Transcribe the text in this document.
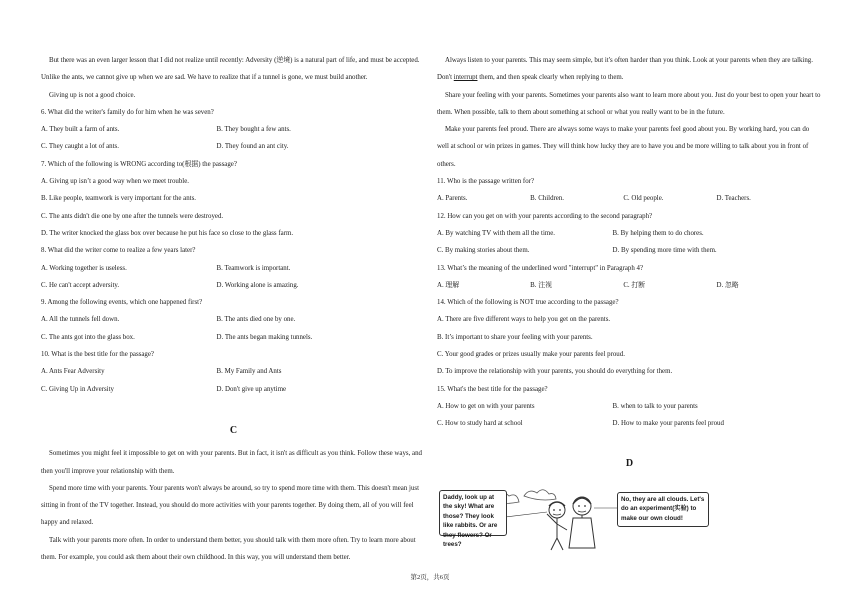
But there was an even larger lesson that I did not realize until recently: Adversity (逆境) is a natural part of life, and must be accepted. Unlike the ants, we cannot give up when we are sad. We have to realize that if a tunnel is gone, we must build another.

Giving up is not a good choice.

6. What did the writer's family do for him when he was seven?

A. They built a farm of ants.	B. They bought a few ants.
C. They caught a lot of ants.	D. They found an ant city.

7. Which of the following is WRONG according to(根据) the passage?

A. Giving up isn’t a good way when we meet trouble.

B. Like people, teamwork is very important for the ants.

C. The ants didn't die one by one after the tunnels were destroyed.

D. The writer knocked the glass box over because he put his face so close to the glass farm.

8. What did the writer come to realize a few years later?

A. Working together is useless.	B. Teamwork is important.
C. He can't accept adversity.	D. Working alone is amazing.

9. Among the following events, which one happened first?

A. All the tunnels fell down.	B. The ants died one by one.
C. The ants got into the glass box.	D. The ants began making tunnels.

10. What is the best title for the passage?

A. Ants Fear Adversity	B. My Family and Ants
C. Giving Up in Adversity	D. Don't give up anytime

C

Sometimes you might feel it impossible to get on with your parents. But in fact, it isn't as difficult as you think. Follow these ways, and then you'll improve your relationship with them.

Spend more time with your parents. Your parents won't always be around, so try to spend more time with them. This doesn't mean just sitting in front of the TV together. Instead, you should do more activities with your parents together. By doing them, all of you will feel happy and relaxed.

Talk with your parents more often. In order to understand them better, you should talk with them more often. Try to learn more about them. For example, you could ask them about their own childhood. In this way, you will understand them better.

Always listen to your parents. This may seem simple, but it's often harder than you think. Look at your parents when they are talking. Don't interrupt them, and then speak clearly when replying to them.

Share your feeling with your parents. Sometimes your parents also want to learn more about you. Just do your best to open your heart to them. When possible, talk to them about something at school or what you really want to be in the future.

Make your parents feel proud. There are always some ways to make your parents feel good about you. By working hard, you can do well at school or win prizes in games. They will think how lucky they are to have you and be more willing to talk about you in front of others.

11. Who is the passage written for?

A. Parents.	B. Children.	C. Old people.	D. Teachers.

12. How can you get on with your parents according to the second paragraph?

A. By watching TV with them all the time.	B. By helping them to do chores.
C. By making stories about them.	D. By spending more time with them.

13. What’s the meaning of the underlined word "interrupt" in Paragraph 4?

A. 理解	B. 注视	C. 打断	D. 忽略

14. Which of the following is NOT true according to the passage?

A. There are five different ways to help you get on the parents.

B. It’s important to share your feeling with your parents.

C. Your good grades or prizes usually make your parents feel proud.

D. To improve the relationship with your parents, you should do everything for them.

15. What's the best title for the passage?

A. How to get on with your parents	B. when to talk to your parents
C. How to study hard at school	D. How to make your parents feel proud

D

Daddy, look up at the sky! What are those? They look like rabbits. Or are they flowers? Or trees?
No, they are all clouds. Let's do an experiment(实验) to make our own cloud!
第2页，共6页
